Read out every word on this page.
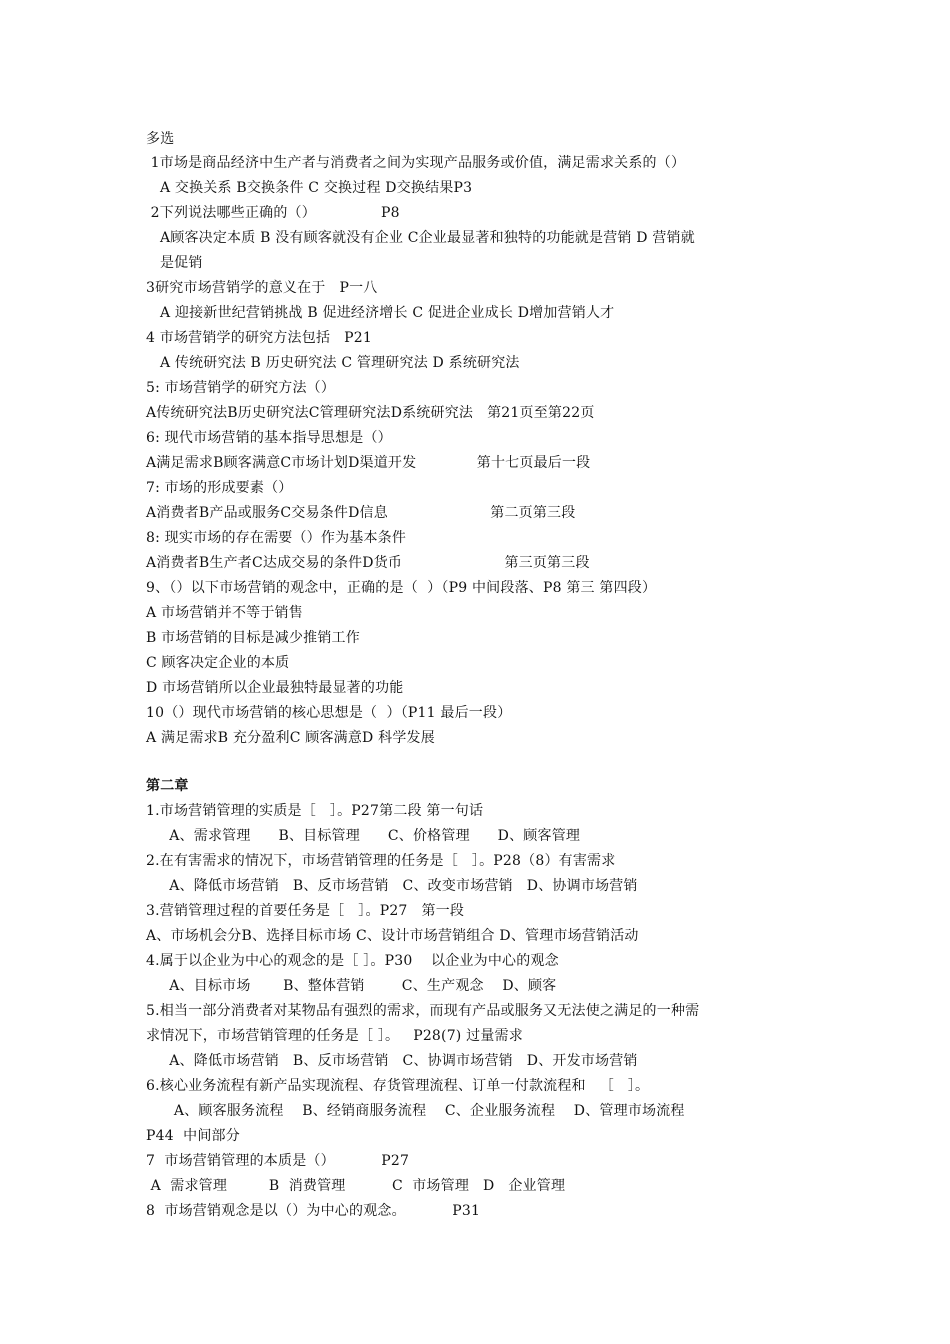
多选
1市场是商品经济中生产者与消费者之间为实现产品服务或价值，满足需求关系的（）
A 交换关系 B交换条件 C 交换过程 D交换结果P3
2下列说法哪些正确的（）              P8
A顾客决定本质 B 没有顾客就没有企业 C企业最显著和独特的功能就是营销 D 营销就
是促销
3研究市场营销学的意义在于   P一八
A 迎接新世纪营销挑战 B 促进经济增长 C 促进企业成长 D增加营销人才
4 市场营销学的研究方法包括   P21
A 传统研究法 B 历史研究法 C 管理研究法 D 系统研究法
5: 市场营销学的研究方法（）
A传统研究法B历史研究法C管理研究法D系统研究法   第21页至第22页
6: 现代市场营销的基本指导思想是（）
A满足需求B顾客满意C市场计划D渠道开发             第十七页最后一段
7: 市场的形成要素（）
A消费者B产品或服务C交易条件D信息                      第二页第三段
8: 现实市场的存在需要（）作为基本条件
A消费者B生产者C达成交易的条件D货币                      第三页第三段
9、（）以下市场营销的观念中，正确的是（  ）（P9 中间段落、P8 第三 第四段）
A 市场营销并不等于销售
B 市场营销的目标是减少推销工作
C 顾客决定企业的本质
D 市场营销所以企业最独特最显著的功能
10（）现代市场营销的核心思想是（  ）（P11 最后一段）
A 满足需求B 充分盈利C 顾客满意D 科学发展
第二章
1.市场营销管理的实质是［   ］。P27第二段 第一句话
A、需求管理      B、目标管理      C、价格管理      D、顾客管理
2.在有害需求的情况下，市场营销管理的任务是［   ］。P28（8）有害需求
A、降低市场营销   B、反市场营销   C、改变市场营销   D、协调市场营销
3.营销管理过程的首要任务是［   ］。P27   第一段
A、市场机会分B、选择目标市场 C、设计市场营销组合 D、管理市场营销活动
4.属于以企业为中心的观念的是［ ］。P30    以企业为中心的观念
A、目标市场       B、整体营销        C、生产观念    D、顾客
5.相当一部分消费者对某物品有强烈的需求，而现有产品或服务又无法使之满足的一种需
求情况下，市场营销管理的任务是［ ］。   P28(7) 过量需求
A、降低市场营销   B、反市场营销   C、协调市场营销   D、开发市场营销
6.核心业务流程有新产品实现流程、存货管理流程、订单一付款流程和   ［   ］。
A、顾客服务流程    B、经销商服务流程    C、企业服务流程    D、管理市场流程
P44  中间部分
7  市场营销管理的本质是（）          P27
A  需求管理         B  消费管理          C  市场管理   D   企业管理
8  市场营销观念是以（）为中心的观念。          P31
